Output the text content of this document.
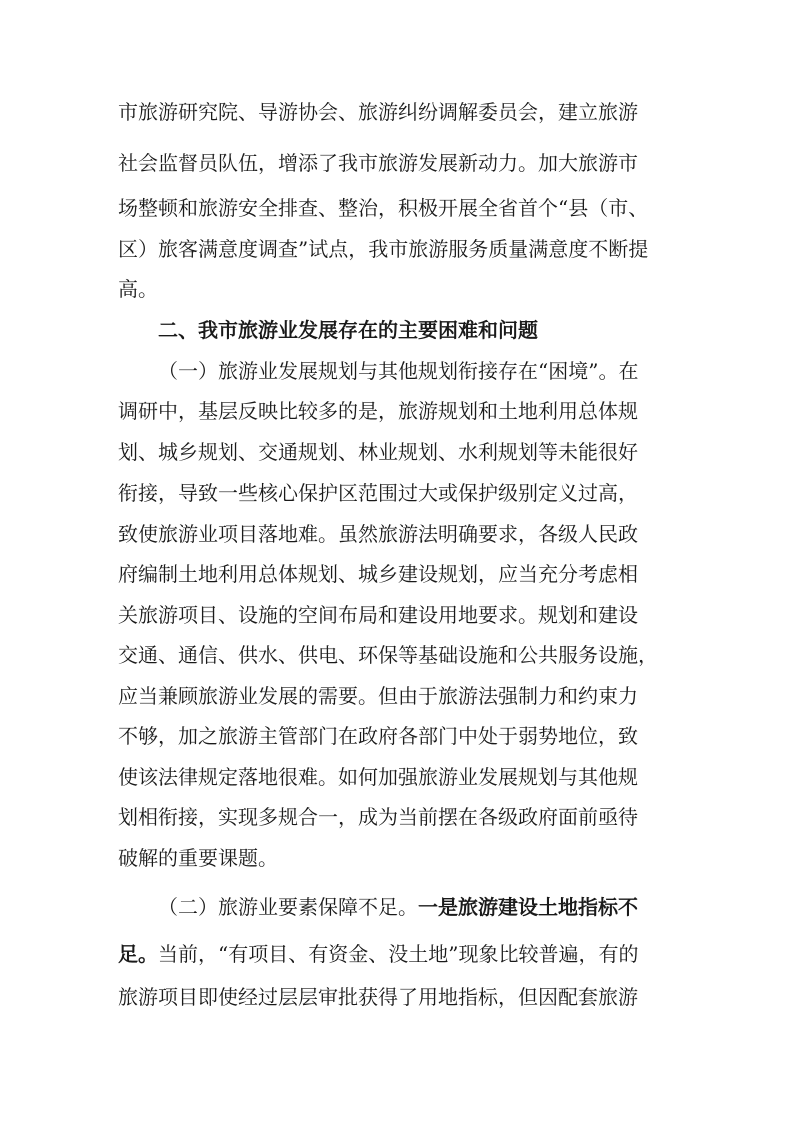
市旅游研究院、导游协会、旅游纠纷调解委员会，建立旅游
社会监督员队伍，增添了我市旅游发展新动力。加大旅游市
场整顿和旅游安全排查、整治，积极开展全省首个“县（市、
区）旅客满意度调查”试点，我市旅游服务质量满意度不断提
高。
二、我市旅游业发展存在的主要困难和问题
（一）旅游业发展规划与其他规划衔接存在“困境”。在
调研中，基层反映比较多的是，旅游规划和土地利用总体规
划、城乡规划、交通规划、林业规划、水利规划等未能很好
衔接，导致一些核心保护区范围过大或保护级别定义过高，
致使旅游业项目落地难。虽然旅游法明确要求，各级人民政
府编制土地利用总体规划、城乡建设规划，应当充分考虑相
关旅游项目、设施的空间布局和建设用地要求。规划和建设
交通、通信、供水、供电、环保等基础设施和公共服务设施，
应当兼顾旅游业发展的需要。但由于旅游法强制力和约束力
不够，加之旅游主管部门在政府各部门中处于弱势地位，致
使该法律规定落地很难。如何加强旅游业发展规划与其他规
划相衔接，实现多规合一，成为当前摆在各级政府面前亟待
破解的重要课题。
（二）旅游业要素保障不足。一是旅游建设土地指标不
足。当前，“有项目、有资金、没土地”现象比较普遍，有的
旅游项目即使经过层层审批获得了用地指标，但因配套旅游
